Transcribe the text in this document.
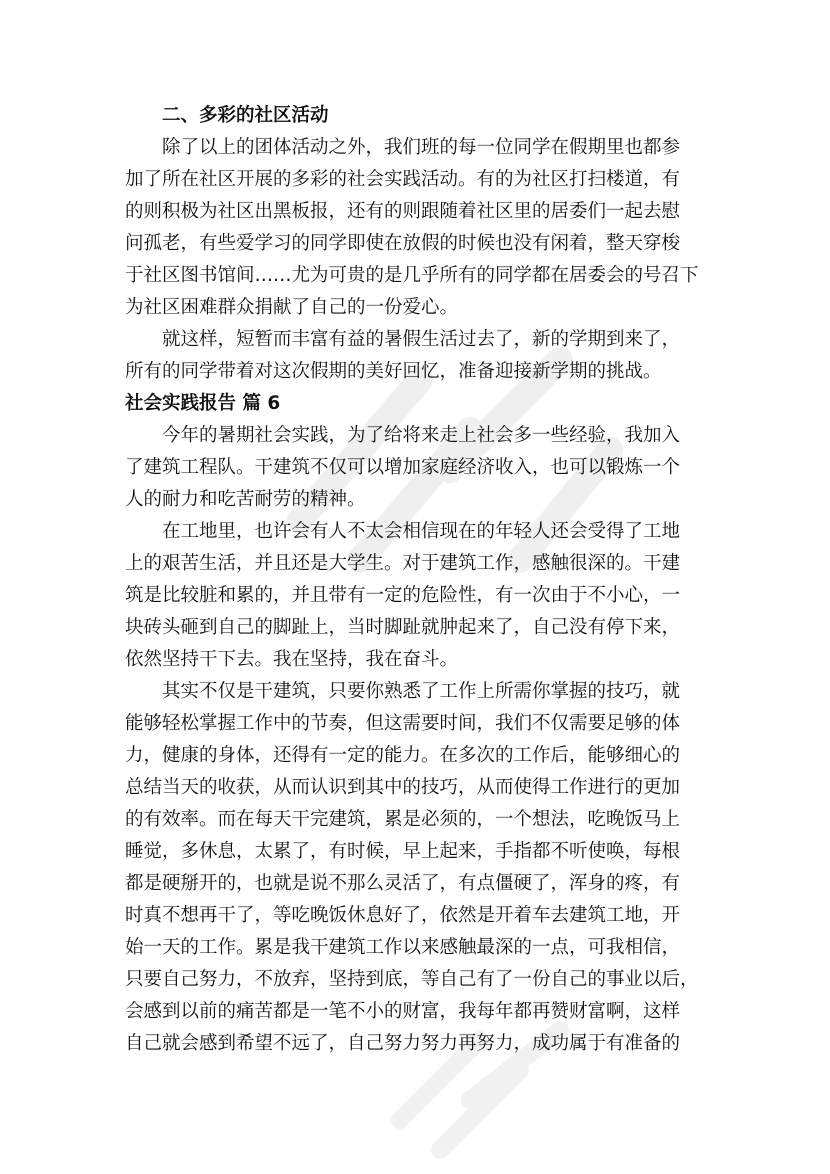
二、多彩的社区活动
除了以上的团体活动之外，我们班的每一位同学在假期里也都参
加了所在社区开展的多彩的社会实践活动。有的为社区打扫楼道，有
的则积极为社区出黑板报，还有的则跟随着社区里的居委们一起去慰
问孤老，有些爱学习的同学即使在放假的时候也没有闲着，整天穿梭
于社区图书馆间……尤为可贵的是几乎所有的同学都在居委会的号召下
为社区困难群众捐献了自己的一份爱心。
就这样，短暂而丰富有益的暑假生活过去了，新的学期到来了，
所有的同学带着对这次假期的美好回忆，准备迎接新学期的挑战。
社会实践报告 篇 6
今年的暑期社会实践，为了给将来走上社会多一些经验，我加入
了建筑工程队。干建筑不仅可以增加家庭经济收入，也可以锻炼一个
人的耐力和吃苦耐劳的精神。
在工地里，也许会有人不太会相信现在的年轻人还会受得了工地
上的艰苦生活，并且还是大学生。对于建筑工作，感触很深的。干建
筑是比较脏和累的，并且带有一定的危险性，有一次由于不小心，一
块砖头砸到自己的脚趾上，当时脚趾就肿起来了，自己没有停下来，
依然坚持干下去。我在坚持，我在奋斗。
其实不仅是干建筑，只要你熟悉了工作上所需你掌握的技巧，就
能够轻松掌握工作中的节奏，但这需要时间，我们不仅需要足够的体
力，健康的身体，还得有一定的能力。在多次的工作后，能够细心的
总结当天的收获，从而认识到其中的技巧，从而使得工作进行的更加
的有效率。而在每天干完建筑，累是必须的，一个想法，吃晚饭马上
睡觉，多休息，太累了，有时候，早上起来，手指都不听使唤，每根
都是硬掰开的，也就是说不那么灵活了，有点僵硬了，浑身的疼，有
时真不想再干了，等吃晚饭休息好了，依然是开着车去建筑工地，开
始一天的工作。累是我干建筑工作以来感触最深的一点，可我相信，
只要自己努力，不放弃，坚持到底，等自己有了一份自己的事业以后，
会感到以前的痛苦都是一笔不小的财富，我每年都再赞财富啊，这样
自己就会感到希望不远了，自己努力努力再努力，成功属于有准备的
